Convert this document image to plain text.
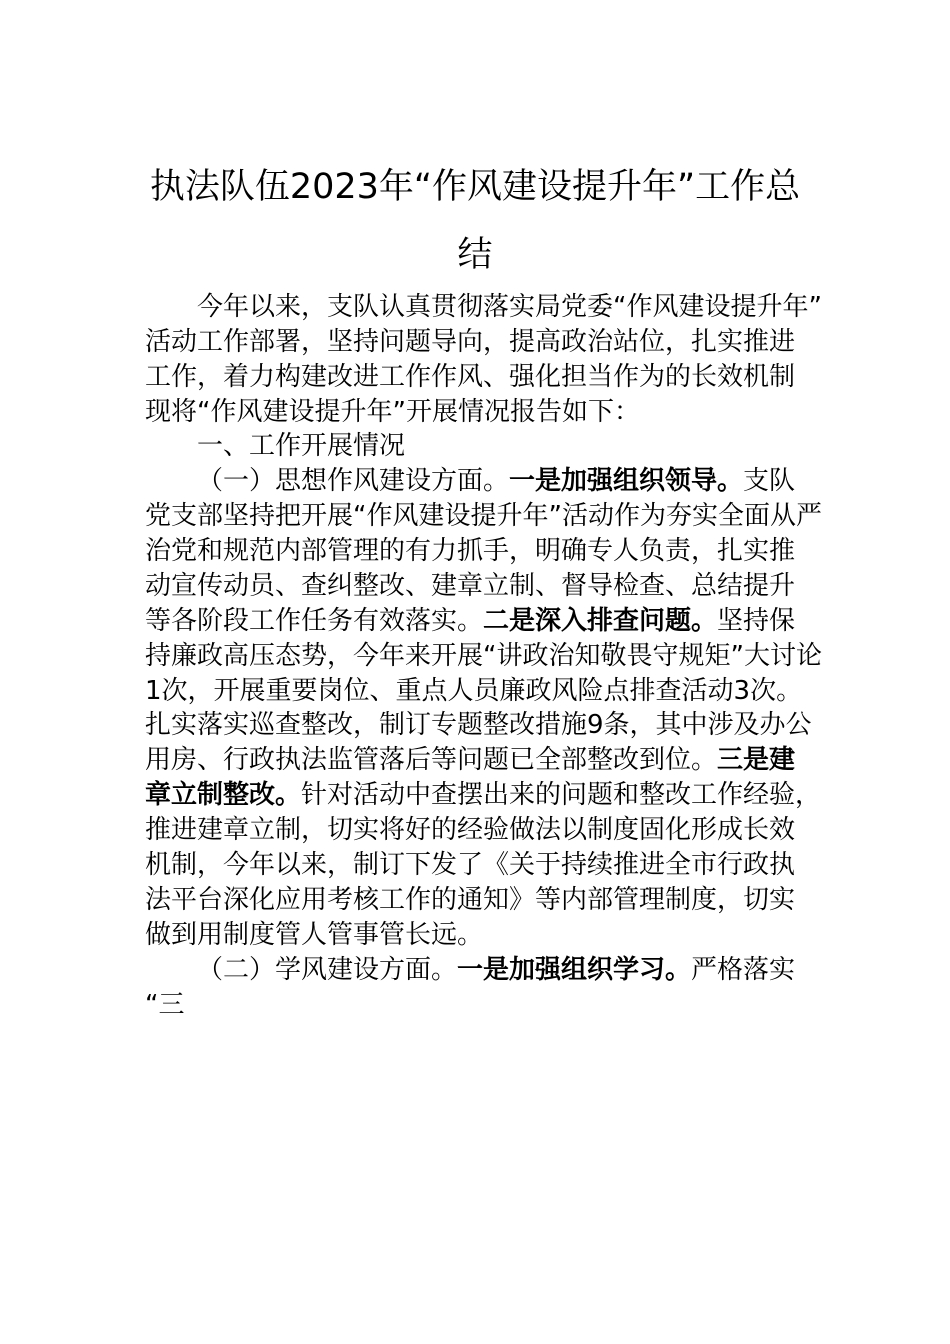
执法队伍2023年“作风建设提升年”工作总
结
今年以来，支队认真贯彻落实局党委“作风建设提升年”
活动工作部署，坚持问题导向，提高政治站位，扎实推进
工作，着力构建改进工作作风、强化担当作为的长效机制
现将“作风建设提升年”开展情况报告如下：
一、工作开展情况
（一）思想作风建设方面。一是加强组织领导。支队
党支部坚持把开展“作风建设提升年”活动作为夯实全面从严
治党和规范内部管理的有力抓手，明确专人负责，扎实推
动宣传动员、查纠整改、建章立制、督导检查、总结提升
等各阶段工作任务有效落实。二是深入排查问题。坚持保
持廉政高压态势，今年来开展“讲政治知敬畏守规矩”大讨论
1次，开展重要岗位、重点人员廉政风险点排查活动3次。
扎实落实巡查整改，制订专题整改措施9条，其中涉及办公
用房、行政执法监管落后等问题已全部整改到位。三是建
章立制整改。针对活动中查摆出来的问题和整改工作经验，
推进建章立制，切实将好的经验做法以制度固化形成长效
机制，今年以来，制订下发了《关于持续推进全市行政执
法平台深化应用考核工作的通知》等内部管理制度，切实
做到用制度管人管事管长远。
（二）学风建设方面。一是加强组织学习。严格落实
“三
